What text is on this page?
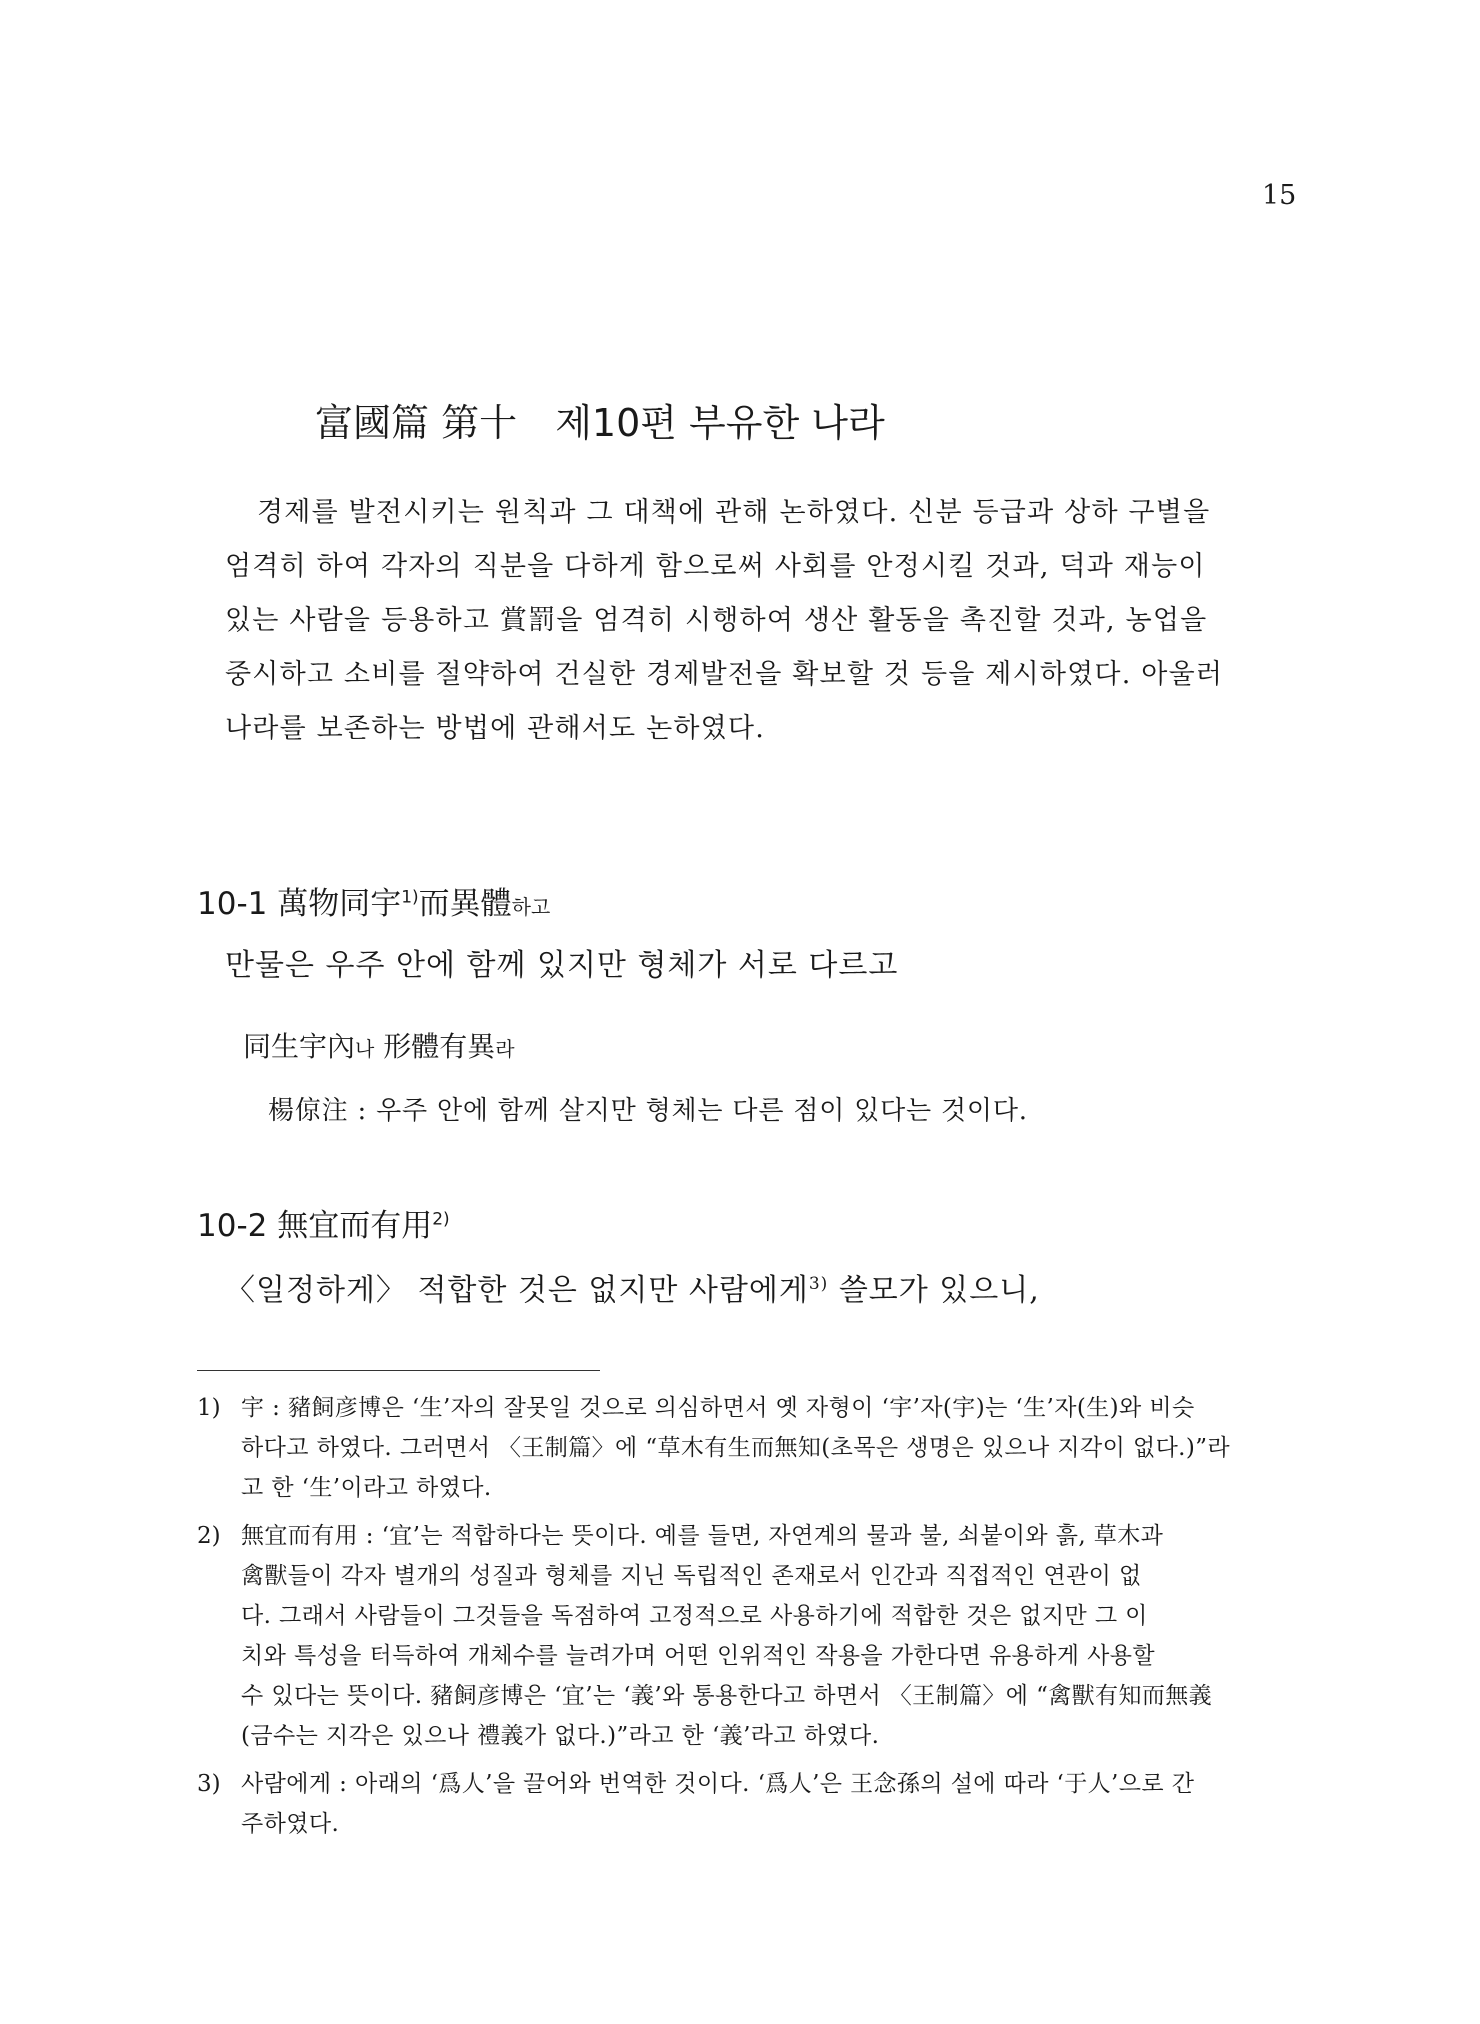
15
富國篇 第十 제10편 부유한 나라

경제를 발전시키는 원칙과 그 대책에 관해 논하였다. 신분 등급과 상하 구별을

엄격히 하여 각자의 직분을 다하게 함으로써 사회를 안정시킬 것과, 덕과 재능이

있는 사람을 등용하고 賞罰을 엄격히 시행하여 생산 활동을 촉진할 것과, 농업을

중시하고 소비를 절약하여 건실한 경제발전을 확보할 것 등을 제시하였다. 아울러

나라를 보존하는 방법에 관해서도 논하였다.

10-1 萬物同宇$^{1)}$而異體하고
만물은 우주 안에 함께 있지만 형체가 서로 다르고
同生宇內나 形體有異라
楊倞注 : 우주 안에 함께 살지만 형체는 다른 점이 있다는 것이다.
10-2 無宜而有用$^{2)}$
〈일정하게〉 적합한 것은 없지만 사람에게$^{3)}$ 쓸모가 있으니,
1) 宇 : 豬飼彦博은 ‘生’자의 잘못일 것으로 의심하면서 옛 자형이 ‘宇’자(宇)는 ‘生’자(生)와 비슷
하다고 하였다. 그러면서 〈王制篇〉에 “草木有生而無知(초목은 생명은 있으나 지각이 없다.)”라
고 한 ‘生’이라고 하였다.
2) 無宜而有用 : ‘宜’는 적합하다는 뜻이다. 예를 들면, 자연계의 물과 불, 쇠붙이와 흙, 草木과
禽獸들이 각자 별개의 성질과 형체를 지닌 독립적인 존재로서 인간과 직접적인 연관이 없
다. 그래서 사람들이 그것들을 독점하여 고정적으로 사용하기에 적합한 것은 없지만 그 이
치와 특성을 터득하여 개체수를 늘려가며 어떤 인위적인 작용을 가한다면 유용하게 사용할
수 있다는 뜻이다. 豬飼彦博은 ‘宜’는 ‘義’와 통용한다고 하면서 〈王制篇〉에 “禽獸有知而無義
(금수는 지각은 있으나 禮義가 없다.)”라고 한 ‘義’라고 하였다.
3) 사람에게 : 아래의 ‘爲人’을 끌어와 번역한 것이다. ‘爲人’은 王念孫의 설에 따라 ‘于人’으로 간
주하였다.
